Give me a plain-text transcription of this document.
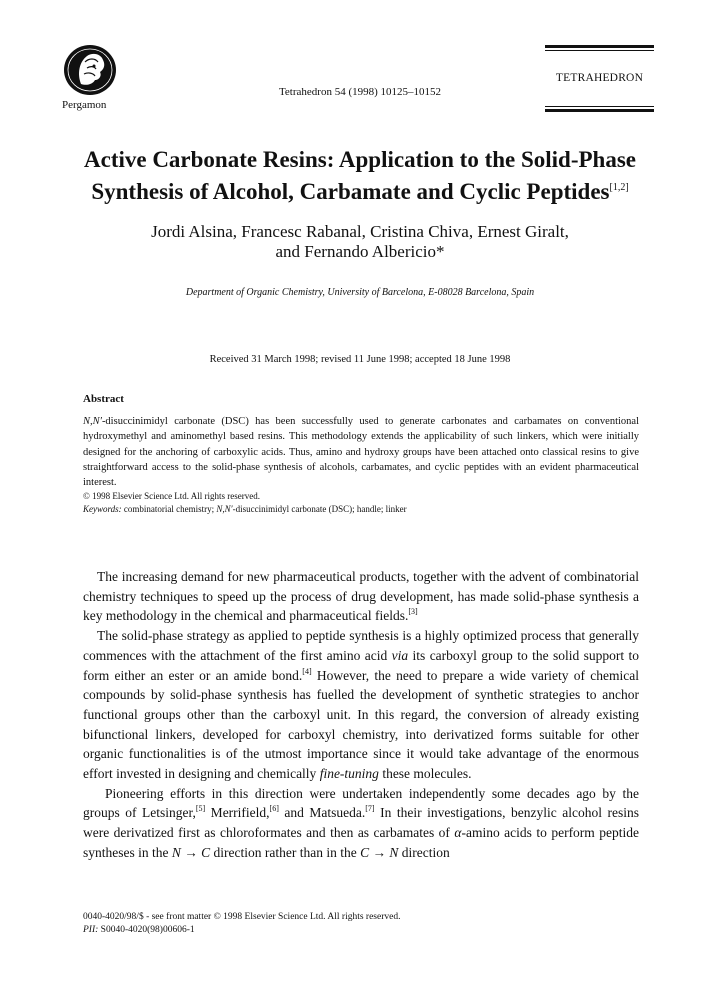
Pergamon
Tetrahedron 54 (1998) 10125–10152
TETRAHEDRON
Active Carbonate Resins: Application to the Solid-Phase Synthesis of Alcohol, Carbamate and Cyclic Peptides[1,2]
Jordi Alsina, Francesc Rabanal, Cristina Chiva, Ernest Giralt,
and Fernando Albericio*
Department of Organic Chemistry, University of Barcelona, E-08028 Barcelona, Spain
Received 31 March 1998; revised 11 June 1998; accepted 18 June 1998
Abstract

N,N′-disuccinimidyl carbonate (DSC) has been successfully used to generate carbonates and carbamates on conventional hydroxymethyl and aminomethyl based resins. This methodology extends the applicability of such linkers, which were initially designed for the anchoring of carboxylic acids. Thus, amino and hydroxy groups have been attached onto classical resins to give straightforward access to the solid-phase synthesis of alcohols, carbamates, and cyclic peptides with an evident pharmaceutical interest.

© 1998 Elsevier Science Ltd. All rights reserved.

Keywords: combinatorial chemistry; N,N′-disuccinimidyl carbonate (DSC); handle; linker

The increasing demand for new pharmaceutical products, together with the advent of combinatorial chemistry techniques to speed up the process of drug development, has made solid-phase synthesis a key methodology in the chemical and pharmaceutical fields.[3]

The solid-phase strategy as applied to peptide synthesis is a highly optimized process that generally commences with the attachment of the first amino acid via its carboxyl group to the solid support to form either an ester or an amide bond.[4] However, the need to prepare a wide variety of chemical compounds by solid-phase synthesis has fuelled the development of synthetic strategies to anchor functional groups other than the carboxyl unit. In this regard, the conversion of already existing bifunctional linkers, developed for carboxyl chemistry, into derivatized forms suitable for other organic functionalities is of the utmost importance since it would take advantage of the enormous effort invested in designing and chemically fine-tuning these molecules.

Pioneering efforts in this direction were undertaken independently some decades ago by the groups of Letsinger,[5] Merrifield,[6] and Matsueda.[7] In their investigations, benzylic alcohol resins were derivatized first as chloroformates and then as carbamates of α-amino acids to perform peptide syntheses in the N → C direction rather than in the C → N direction

0040-4020/98/$ - see front matter © 1998 Elsevier Science Ltd. All rights reserved.
PII: S0040-4020(98)00606-1
